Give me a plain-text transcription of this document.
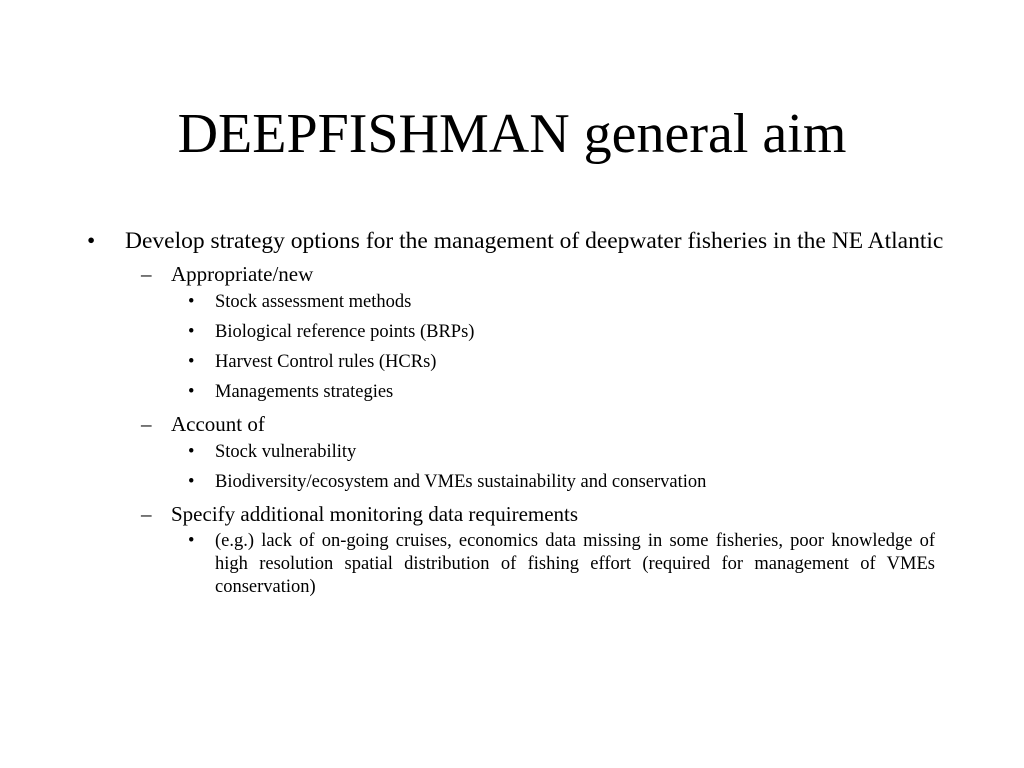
DEEPFISHMAN general aim
• Develop strategy options for the management of deepwater fisheries in the NE Atlantic
– Appropriate/new
• Stock assessment methods
• Biological reference points (BRPs)
• Harvest Control rules (HCRs)
• Managements strategies
– Account of
• Stock vulnerability
• Biodiversity/ecosystem and VMEs sustainability and conservation
– Specify additional monitoring data requirements
• (e.g.) lack of on-going cruises, economics data missing in some fisheries, poor knowledge of high resolution spatial distribution of fishing effort (required for management of VMEs conservation)
